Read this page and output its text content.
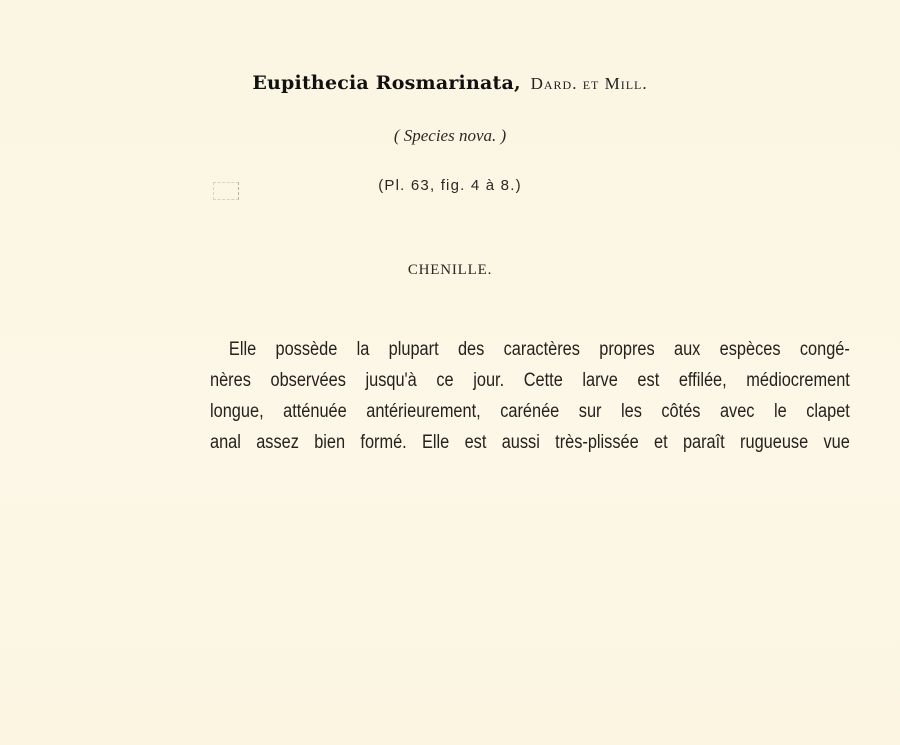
Eupithecia Rosmarinata, Dard. et Mill.
( Species nova. )
(Pl. 63, fig. 4 à 8.)
CHENILLE.
Elle possède la plupart des caractères propres aux espèces congé-
nères observées jusqu'à ce jour. Cette larve est effilée, médiocrement
longue, atténuée antérieurement, carénée sur les côtés avec le clapet
anal assez bien formé. Elle est aussi très-plissée et paraît rugueuse vue
